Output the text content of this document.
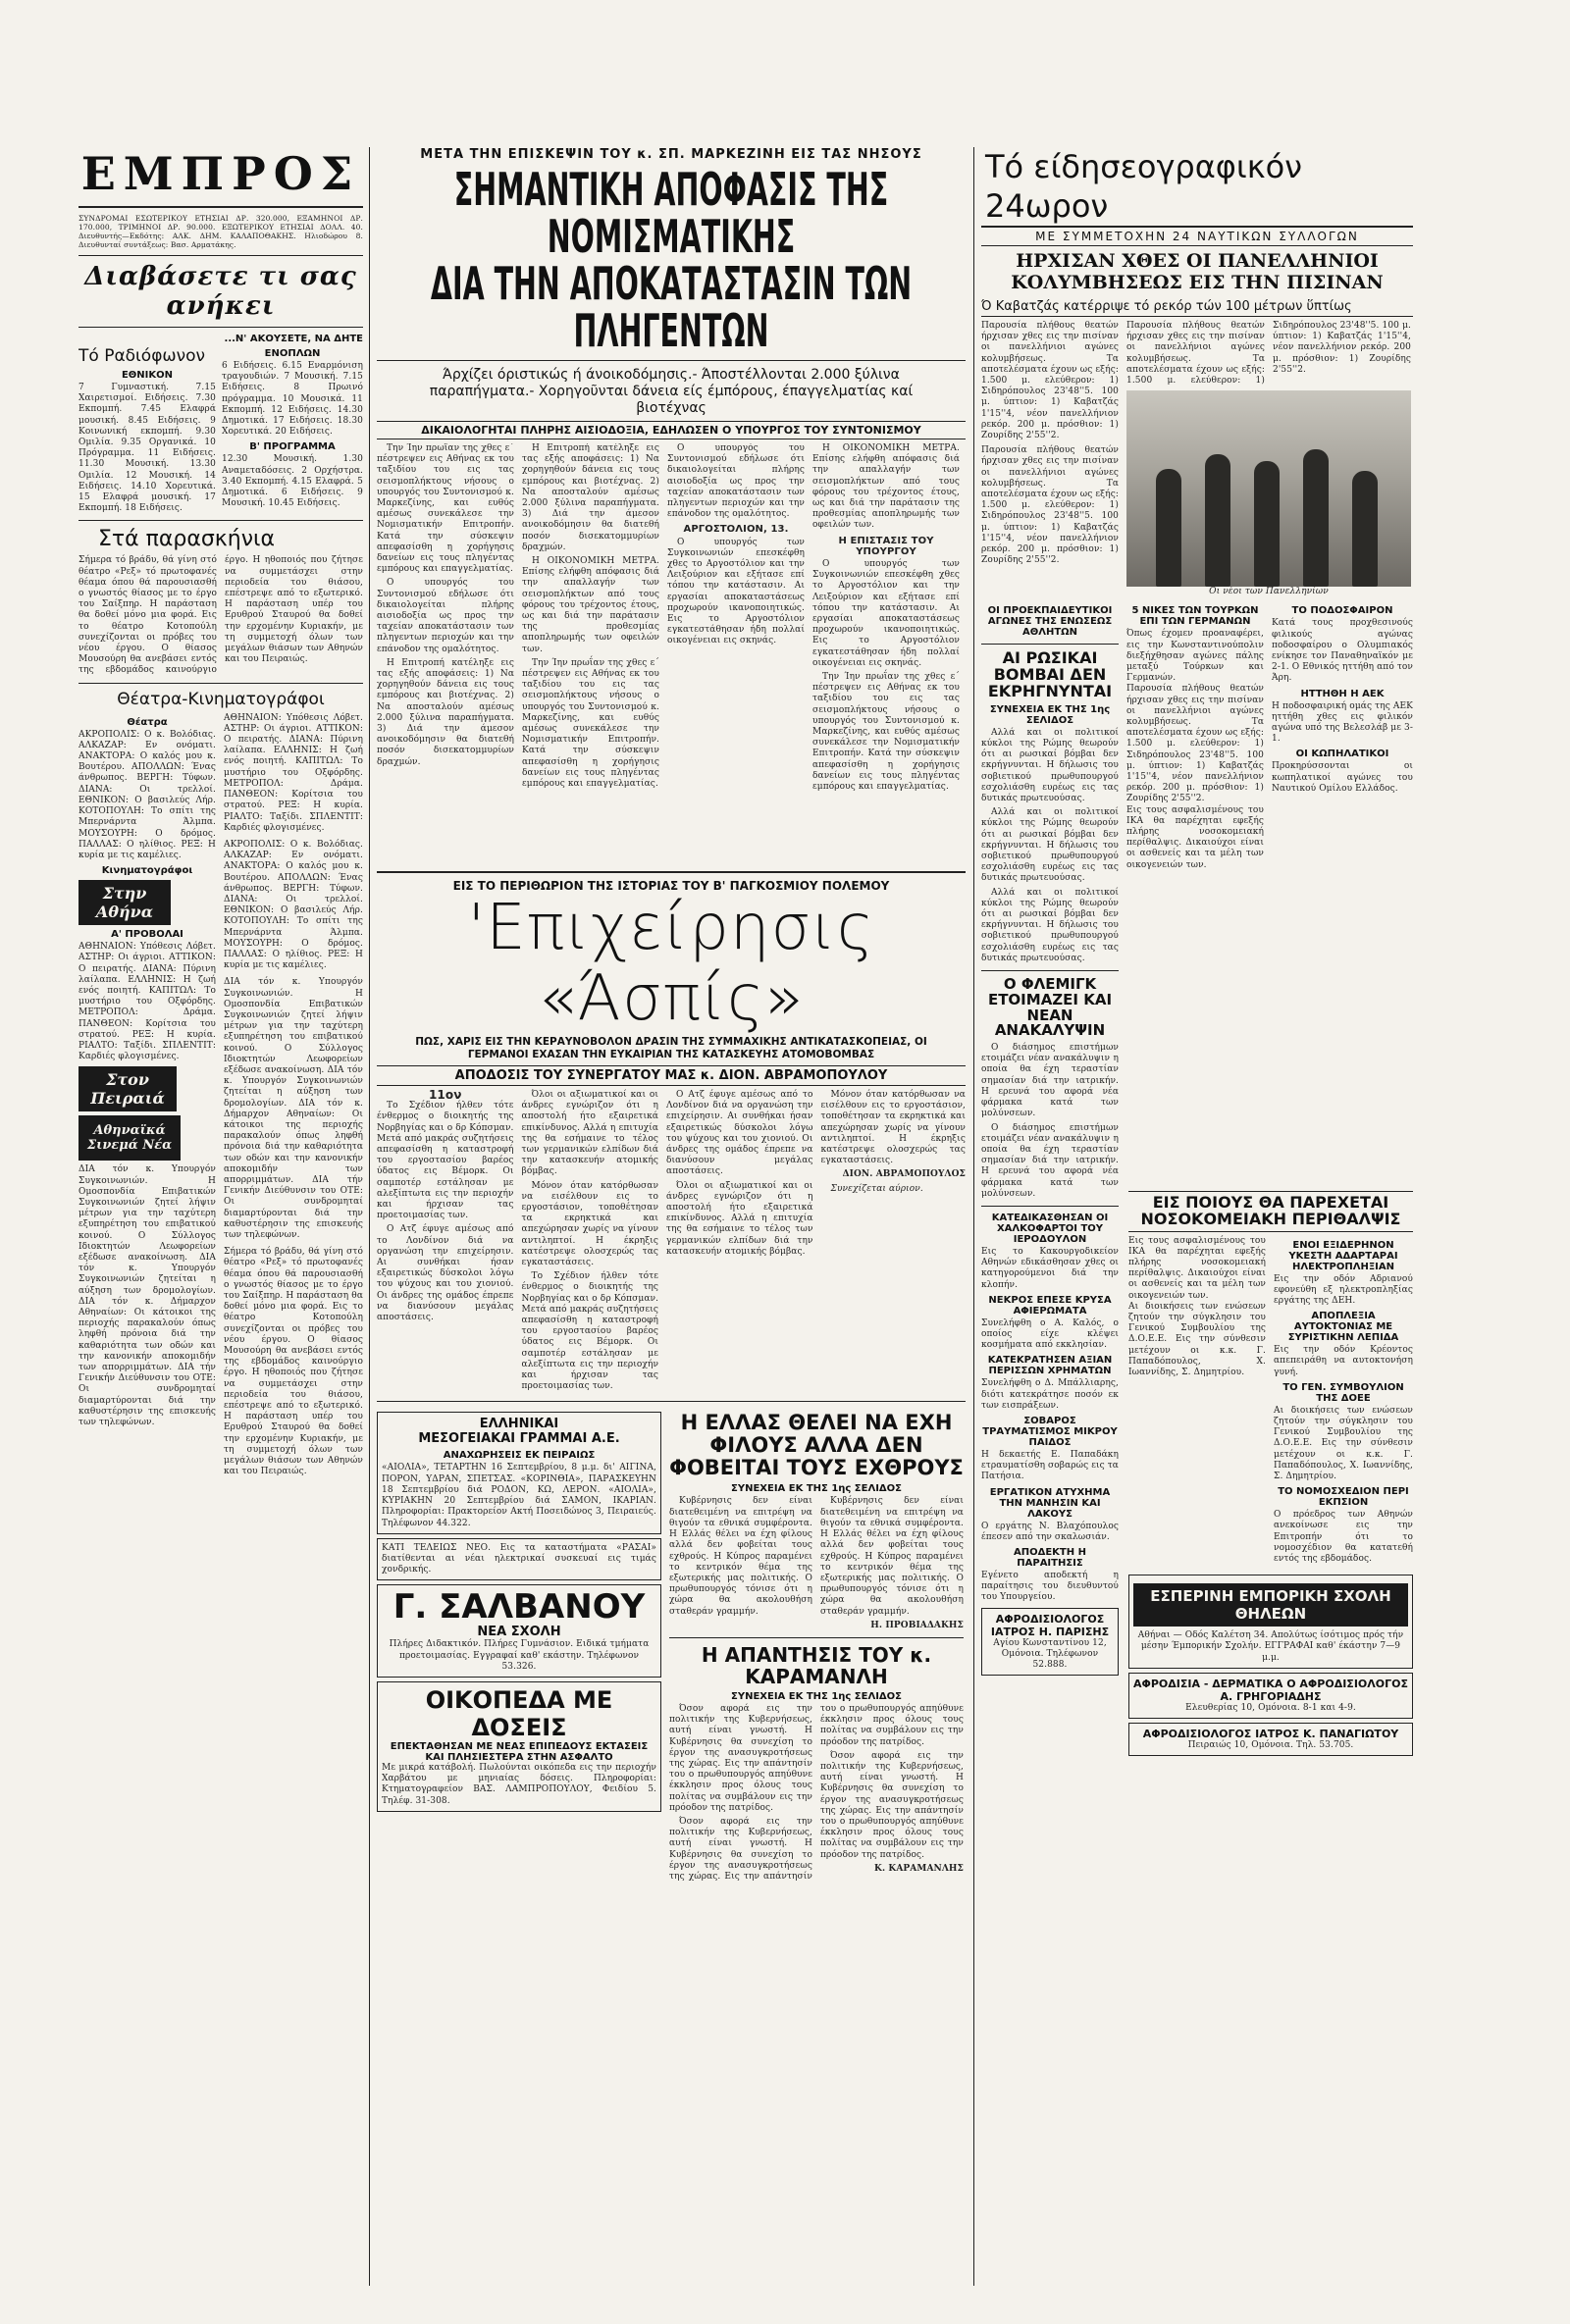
ΕΜΠΡΟΣ
ΣΥΝΔΡΟΜΑΙ ΕΣΩΤΕΡΙΚΟΥ ΕΤΗΣΙΑΙ ΔΡ. 320.000, ΕΞΑΜΗΝΟΙ ΔΡ. 170.000, ΤΡΙΜΗΝΟΙ ΔΡ. 90.000. ΕΞΩΤΕΡΙΚΟΥ ΕΤΗΣΙΑΙ ΔΟΛΛ. 40. Διευθυντής—Εκδότης: ΑΛΚ. ΔΗΜ. ΚΑΛΑΠΟΘΑΚΗΣ. Ηλιοδώρου 8. Διευθυνταί συντάξεως: Βασ. Αρματάκης.
Διαβάσετε τι σας ανήκει
...Ν' ΑΚΟΥΣΕΤΕ, ΝΑ ΔΗΤΕ
Τό Ραδιόφωνον
ΕΘΝΙΚΟΝ
7 Γυμναστική. 7.15 Χαιρετισμοί. Ειδήσεις. 7.30 Εκπομπή. 7.45 Ελαφρά μουσική. 8.45 Ειδήσεις. 9 Κοινωνική εκπομπή. 9.30 Ομιλία. 9.35 Οργανικά. 10 Πρόγραμμα. 11 Ειδήσεις. 11.30 Μουσική. 13.30 Ομιλία. 12 Μουσική. 14 Ειδήσεις. 14.10 Χορευτικά. 15 Ελαφρά μουσική. 17 Εκπομπή. 18 Ειδήσεις.
ΕΝΟΠΛΩΝ
6 Ειδήσεις. 6.15 Εναρμόνιση τραγουδιών. 7 Μουσική. 7.15 Ειδήσεις. 8 Πρωινό πρόγραμμα. 10 Μουσικά. 11 Εκπομπή. 12 Ειδήσεις. 14.30 Δημοτικά. 17 Ειδήσεις. 18.30 Χορευτικά. 20 Ειδήσεις.
Β' ΠΡΟΓΡΑΜΜΑ
12.30 Μουσική. 1.30 Αναμεταδόσεις. 2 Ορχήστρα. 3.40 Εκπομπή. 4.15 Ελαφρά. 5 Δημοτικά. 6 Ειδήσεις. 9 Μουσική. 10.45 Ειδήσεις.
Στά παρασκήνια
Σήμερα τό βράδυ, θά γίνη στό θέατρο «Ρεξ» τό πρωτοφανές θέαμα όπου θά παρουσιασθή ο γνωστός θίασος με το έργο του Σαίξπηρ. Η παράσταση θα δοθεί μόνο μια φορά. Εις το θέατρο Κοτοπούλη συνεχίζονται οι πρόβες του νέου έργου. Ο θίασος Μουσούρη θα ανεβάσει εντός της εβδομάδος καινούργιο έργο. Η ηθοποιός που ζήτησε να συμμετάσχει στην περιοδεία του θιάσου, επέστρεψε από το εξωτερικό. Η παράσταση υπέρ του Ερυθρού Σταυρού θα δοθεί την ερχομένην Κυριακήν, με τη συμμετοχή όλων των μεγάλων θιάσων των Αθηνών και του Πειραιώς.
Θέατρα-Κινηματογράφοι
Θέατρα
ΑΚΡΟΠΟΛΙΣ: Ο κ. Βολόδιας. ΑΛΚΑΖΑΡ: Εν ονόματι. ΑΝΑΚΤΟΡΑ: Ο καλός μου κ. Βουτέρου. ΑΠΟΛΛΩΝ: Ένας άνθρωπος. ΒΕΡΓΗ: Τύφων. ΔΙΑΝΑ: Οι τρελλοί. ΕΘΝΙΚΟΝ: Ο βασιλεύς Λήρ. ΚΟΤΟΠΟΥΛΗ: Το σπίτι της Μπερνάρντα Άλμπα. ΜΟΥΣΟΥΡΗ: Ο δρόμος. ΠΑΛΛΑΣ: Ο ηλίθιος. ΡΕΞ: Η κυρία με τις καμέλιες.
Κινηματογράφοι
Στην Αθήνα
Α' ΠΡΟΒΟΛΑΙ
ΑΘΗΝΑΙΟΝ: Υπόθεσις Λόβετ. ΑΣΤΗΡ: Οι άγριοι. ΑΤΤΙΚΟΝ: Ο πειρατής. ΔΙΑΝΑ: Πύρινη λαίλαπα. ΕΛΛΗΝΙΣ: Η ζωή ενός ποιητή. ΚΑΠΙΤΩΛ: Το μυστήριο του Οξφόρδης. ΜΕΤΡΟΠΟΛ: Δράμα. ΠΑΝΘΕΟΝ: Κορίτσια του στρατού. ΡΕΞ: Η κυρία. ΡΙΑΛΤΟ: Ταξίδι. ΣΠΛΕΝΤΙΤ: Καρδιές φλογισμένες.
Στον Πειραιά
Αθηναϊκά Σινεμά Νέα
ΔΙΑ τόν κ. Υπουργόν Συγκοινωνιών. Η Ομοσπονδία Επιβατικών Συγκοινωνιών ζητεί λήψιν μέτρων για την ταχύτερη εξυπηρέτηση του επιβατικού κοινού. Ο Σύλλογος Ιδιοκτητών Λεωφορείων εξέδωσε ανακοίνωση. ΔΙΑ τόν κ. Υπουργόν Συγκοινωνιών ζητείται η αύξηση των δρομολογίων. ΔΙΑ τόν κ. Δήμαρχον Αθηναίων: Οι κάτοικοι της περιοχής παρακαλούν όπως ληφθή πρόνοια διά την καθαριότητα των οδών και την κανονικήν αποκομιδήν των απορριμμάτων. ΔΙΑ τήν Γενικήν Διεύθυνσιν του ΟΤΕ: Οι συνδρομηταί διαμαρτύρονται διά την καθυστέρησιν της επισκευής των τηλεφώνων.
ΑΘΗΝΑΙΟΝ: Υπόθεσις Λόβετ. ΑΣΤΗΡ: Οι άγριοι. ΑΤΤΙΚΟΝ: Ο πειρατής. ΔΙΑΝΑ: Πύρινη λαίλαπα. ΕΛΛΗΝΙΣ: Η ζωή ενός ποιητή. ΚΑΠΙΤΩΛ: Το μυστήριο του Οξφόρδης. ΜΕΤΡΟΠΟΛ: Δράμα. ΠΑΝΘΕΟΝ: Κορίτσια του στρατού. ΡΕΞ: Η κυρία. ΡΙΑΛΤΟ: Ταξίδι. ΣΠΛΕΝΤΙΤ: Καρδιές φλογισμένες.
ΑΚΡΟΠΟΛΙΣ: Ο κ. Βολόδιας. ΑΛΚΑΖΑΡ: Εν ονόματι. ΑΝΑΚΤΟΡΑ: Ο καλός μου κ. Βουτέρου. ΑΠΟΛΛΩΝ: Ένας άνθρωπος. ΒΕΡΓΗ: Τύφων. ΔΙΑΝΑ: Οι τρελλοί. ΕΘΝΙΚΟΝ: Ο βασιλεύς Λήρ. ΚΟΤΟΠΟΥΛΗ: Το σπίτι της Μπερνάρντα Άλμπα. ΜΟΥΣΟΥΡΗ: Ο δρόμος. ΠΑΛΛΑΣ: Ο ηλίθιος. ΡΕΞ: Η κυρία με τις καμέλιες.
ΔΙΑ τόν κ. Υπουργόν Συγκοινωνιών. Η Ομοσπονδία Επιβατικών Συγκοινωνιών ζητεί λήψιν μέτρων για την ταχύτερη εξυπηρέτηση του επιβατικού κοινού. Ο Σύλλογος Ιδιοκτητών Λεωφορείων εξέδωσε ανακοίνωση. ΔΙΑ τόν κ. Υπουργόν Συγκοινωνιών ζητείται η αύξηση των δρομολογίων. ΔΙΑ τόν κ. Δήμαρχον Αθηναίων: Οι κάτοικοι της περιοχής παρακαλούν όπως ληφθή πρόνοια διά την καθαριότητα των οδών και την κανονικήν αποκομιδήν των απορριμμάτων. ΔΙΑ τήν Γενικήν Διεύθυνσιν του ΟΤΕ: Οι συνδρομηταί διαμαρτύρονται διά την καθυστέρησιν της επισκευής των τηλεφώνων.
Σήμερα τό βράδυ, θά γίνη στό θέατρο «Ρεξ» τό πρωτοφανές θέαμα όπου θά παρουσιασθή ο γνωστός θίασος με το έργο του Σαίξπηρ. Η παράσταση θα δοθεί μόνο μια φορά. Εις το θέατρο Κοτοπούλη συνεχίζονται οι πρόβες του νέου έργου. Ο θίασος Μουσούρη θα ανεβάσει εντός της εβδομάδος καινούργιο έργο. Η ηθοποιός που ζήτησε να συμμετάσχει στην περιοδεία του θιάσου, επέστρεψε από το εξωτερικό. Η παράσταση υπέρ του Ερυθρού Σταυρού θα δοθεί την ερχομένην Κυριακήν, με τη συμμετοχή όλων των μεγάλων θιάσων των Αθηνών και του Πειραιώς.
ΜΕΤΑ ΤΗΝ ΕΠΙΣΚΕΨΙΝ ΤΟΥ κ. ΣΠ. ΜΑΡΚΕΖΙΝΗ ΕΙΣ ΤΑΣ ΝΗΣΟΥΣ
ΣΗΜΑΝΤΙΚΗ ΑΠΟΦΑΣΙΣ ΤΗΣ ΝΟΜΙΣΜΑΤΙΚΗΣ
ΔΙΑ ΤΗΝ ΑΠΟΚΑΤΑΣΤΑΣΙΝ ΤΩΝ ΠΛΗΓΕΝΤΩΝ
Άρχίζει όριστικώς ή άνοικοδόμησις.- Άποστέλλονται 2.000 ξύλινα παραπήγματα.- Χορηγοῦνται δάνεια είς έμπόρους, έπαγγελματίας καί βιοτέχνας
ΔΙΚΑΙΟΛΟΓΗΤΑΙ ΠΛΗΡΗΣ ΑΙΣΙΟΔΟΞΙΑ, ΕΔΗΛΩΣΕΝ Ο ΥΠΟΥΡΓΟΣ ΤΟΥ ΣΥΝΤΟΝΙΣΜΟΥ

Την Ίην πρωΐαν της χθες ε΄ πέστρεψεν εις Αθήνας εκ του ταξιδίου του εις τας σεισμοπλήκτους νήσους ο υπουργός του Συντονισμού κ. Μαρκεζίνης, και ευθύς αμέσως συνεκάλεσε την Νομισματικήν Επιτροπήν. Κατά την σύσκεψιν απεφασίσθη η χορήγησις δανείων εις τους πληγέντας εμπόρους και επαγγελματίας.

Ο υπουργός του Συντονισμού εδήλωσε ότι δικαιολογείται πλήρης αισιοδοξία ως προς την ταχείαν αποκατάστασιν των πληγεντων περιοχών και την επάνοδον της ομαλότητος.

Η Επιτροπή κατέληξε εις τας εξής αποφάσεις: 1) Να χορηγηθούν δάνεια εις τους εμπόρους και βιοτέχνας. 2) Να αποσταλούν αμέσως 2.000 ξύλινα παραπήγματα. 3) Διά την άμεσον ανοικοδόμησιν θα διατεθή ποσόν δισεκατομμυρίων δραχμών.

Η Επιτροπή κατέληξε εις τας εξής αποφάσεις: 1) Να χορηγηθούν δάνεια εις τους εμπόρους και βιοτέχνας. 2) Να αποσταλούν αμέσως 2.000 ξύλινα παραπήγματα. 3) Διά την άμεσον ανοικοδόμησιν θα διατεθή ποσόν δισεκατομμυρίων δραχμών.

Η ΟΙΚΟΝΟΜΙΚΗ ΜΕΤΡΑ. Επίσης ελήφθη απόφασις διά την απαλλαγήν των σεισμοπλήκτων από τους φόρους του τρέχοντος έτους, ως και διά την παράτασιν της προθεσμίας αποπληρωμής των οφειλών των.

Την Ίην πρωΐαν της χθες ε΄ πέστρεψεν εις Αθήνας εκ του ταξιδίου του εις τας σεισμοπλήκτους νήσους ο υπουργός του Συντονισμού κ. Μαρκεζίνης, και ευθύς αμέσως συνεκάλεσε την Νομισματικήν Επιτροπήν. Κατά την σύσκεψιν απεφασίσθη η χορήγησις δανείων εις τους πληγέντας εμπόρους και επαγγελματίας.

Ο υπουργός του Συντονισμού εδήλωσε ότι δικαιολογείται πλήρης αισιοδοξία ως προς την ταχείαν αποκατάστασιν των πληγεντων περιοχών και την επάνοδον της ομαλότητος.

ΑΡΓΟΣΤΟΛΙΟΝ, 13.

Ο υπουργός των Συγκοινωνιών επεσκέφθη χθες το Αργοστόλιον και την Λειξούριον και εξήτασε επί τόπου την κατάστασιν. Αι εργασίαι αποκαταστάσεως προχωρούν ικανοποιητικώς. Εις το Αργοστόλιον εγκατεστάθησαν ήδη πολλαί οικογένειαι εις σκηνάς.

Η ΟΙΚΟΝΟΜΙΚΗ ΜΕΤΡΑ. Επίσης ελήφθη απόφασις διά την απαλλαγήν των σεισμοπλήκτων από τους φόρους του τρέχοντος έτους, ως και διά την παράτασιν της προθεσμίας αποπληρωμής των οφειλών των.

Η ΕΠΙΣΤΑΣΙΣ ΤΟΥ ΥΠΟΥΡΓΟΥ

Ο υπουργός των Συγκοινωνιών επεσκέφθη χθες το Αργοστόλιον και την Λειξούριον και εξήτασε επί τόπου την κατάστασιν. Αι εργασίαι αποκαταστάσεως προχωρούν ικανοποιητικώς. Εις το Αργοστόλιον εγκατεστάθησαν ήδη πολλαί οικογένειαι εις σκηνάς.

Την Ίην πρωΐαν της χθες ε΄ πέστρεψεν εις Αθήνας εκ του ταξιδίου του εις τας σεισμοπλήκτους νήσους ο υπουργός του Συντονισμού κ. Μαρκεζίνης, και ευθύς αμέσως συνεκάλεσε την Νομισματικήν Επιτροπήν. Κατά την σύσκεψιν απεφασίσθη η χορήγησις δανείων εις τους πληγέντας εμπόρους και επαγγελματίας.

ΕΙΣ ΤΟ ΠΕΡΙΘΩΡΙΟΝ ΤΗΣ ΙΣΤΟΡΙΑΣ ΤΟΥ Β' ΠΑΓΚΟΣΜΙΟΥ ΠΟΛΕΜΟΥ
'Επιχείρησις «Άσπίς»
ΠΩΣ, ΧΑΡΙΣ ΕΙΣ ΤΗΝ ΚΕΡΑΥΝΟΒΟΛΟΝ ΔΡΑΣΙΝ ΤΗΣ ΣΥΜΜΑΧΙΚΗΣ ΑΝΤΙΚΑΤΑΣΚΟΠΕΙΑΣ, ΟΙ ΓΕΡΜΑΝΟΙ ΕΧΑΣΑΝ ΤΗΝ ΕΥΚΑΙΡΙΑΝ ΤΗΣ ΚΑΤΑΣΚΕΥΗΣ ΑΤΟΜΟΒΟΜΒΑΣ
ΑΠΟΔΟΣΙΣ ΤΟΥ ΣΥΝΕΡΓΑΤΟΥ ΜΑΣ κ. ΔΙΟΝ. ΑΒΡΑΜΟΠΟΥΛΟΥ
11ον

Το Σχέδιον ήλθεν τότε ένθερμος ο διοικητής της Νορβηγίας και ο δρ Κόπσμαν. Μετά από μακράς συζητήσεις απεφασίσθη η καταστροφή του εργοστασίου βαρέος ύδατος εις Βέμορκ. Οι σαμποτέρ εστάλησαν με αλεξίπτωτα εις την περιοχήν και ήρχισαν τας προετοιμασίας των.

Ο Ατζ έφυγε αμέσως από το Λονδίνον διά να οργανώση την επιχείρησιν. Αι συνθήκαι ήσαν εξαιρετικώς δύσκολοι λόγω του ψύχους και του χιονιού. Οι άνδρες της ομάδος έπρεπε να διανύσουν μεγάλας αποστάσεις.

Όλοι οι αξιωματικοί και οι άνδρες εγνώριζον ότι η αποστολή ήτο εξαιρετικά επικίνδυνος. Αλλά η επιτυχία της θα εσήμαινε το τέλος των γερμανικών ελπίδων διά την κατασκευήν ατομικής βόμβας.

Μόνον όταν κατόρθωσαν να εισέλθουν εις το εργοστάσιον, τοποθέτησαν τα εκρηκτικά και απεχώρησαν χωρίς να γίνουν αντιληπτοί. Η έκρηξις κατέστρεψε ολοσχερώς τας εγκαταστάσεις.

Το Σχέδιον ήλθεν τότε ένθερμος ο διοικητής της Νορβηγίας και ο δρ Κόπσμαν. Μετά από μακράς συζητήσεις απεφασίσθη η καταστροφή του εργοστασίου βαρέος ύδατος εις Βέμορκ. Οι σαμποτέρ εστάλησαν με αλεξίπτωτα εις την περιοχήν και ήρχισαν τας προετοιμασίας των.

Ο Ατζ έφυγε αμέσως από το Λονδίνον διά να οργανώση την επιχείρησιν. Αι συνθήκαι ήσαν εξαιρετικώς δύσκολοι λόγω του ψύχους και του χιονιού. Οι άνδρες της ομάδος έπρεπε να διανύσουν μεγάλας αποστάσεις.

Όλοι οι αξιωματικοί και οι άνδρες εγνώριζον ότι η αποστολή ήτο εξαιρετικά επικίνδυνος. Αλλά η επιτυχία της θα εσήμαινε το τέλος των γερμανικών ελπίδων διά την κατασκευήν ατομικής βόμβας.

Μόνον όταν κατόρθωσαν να εισέλθουν εις το εργοστάσιον, τοποθέτησαν τα εκρηκτικά και απεχώρησαν χωρίς να γίνουν αντιληπτοί. Η έκρηξις κατέστρεψε ολοσχερώς τας εγκαταστάσεις.

ΔΙΟΝ. ΑΒΡΑΜΟΠΟΥΛΟΣ

Συνεχίζεται αύριον.

ΕΛΛΗΝΙΚΑΙ
ΜΕΣΟΓΕΙΑΚΑΙ ΓΡΑΜΜΑΙ Α.Ε.
ΑΝΑΧΩΡΗΣΕΙΣ ΕΚ ΠΕΙΡΑΙΩΣ
«ΑΙΟΛΙΑ», ΤΕΤΑΡΤΗΝ 16 Σεπτεμβρίου, 8 μ.μ. δι' ΑΙΓΙΝΑ, ΠΟΡΟΝ, ΥΔΡΑΝ, ΣΠΕΤΣΑΣ. «ΚΟΡΙΝΘΙΑ», ΠΑΡΑΣΚΕΥΗΝ 18 Σεπτεμβρίου διά ΡΟΔΟΝ, ΚΩ, ΛΕΡΟΝ. «ΑΙΟΛΙΑ», ΚΥΡΙΑΚΗΝ 20 Σεπτεμβρίου διά ΣΑΜΟΝ, ΙΚΑΡΙΑΝ. Πληροφορίαι: Πρακτορείον Ακτή Ποσειδώνος 3, Πειραιεύς. Τηλέφωνον 44.322.
ΚΑΤΙ ΤΕΛΕΙΩΣ ΝΕΟ. Εις τα καταστήματα «ΡΑΣΑΙ» διατίθενται αι νέαι ηλεκτρικαί συσκευαί εις τιμάς χονδρικής.
Γ. ΣΑΛΒΑΝΟΥ
ΝΕΑ ΣΧΟΛΗ
Πλήρες Διδακτικόν. Πλήρες Γυμνάσιον. Ειδικά τμήματα προετοιμασίας. Εγγραφαί καθ' εκάστην. Τηλέφωνον 53.326.
ΟΙΚΟΠΕΔΑ ΜΕ ΔΟΣΕΙΣ
ΕΠΕΚΤΑΘΗΣΑΝ ΜΕ ΝΕΑΣ ΕΠΙΠΕΔΟΥΣ ΕΚΤΑΣΕΙΣ ΚΑΙ ΠΛΗΣΙΕΣΤΕΡΑ ΣΤΗΝ ΑΣΦΑΛΤΟ
Με μικρά κατάβολή. Πωλούνται οικόπεδα εις την περιοχήν Χαρβάτου με μηνιαίας δόσεις. Πληροφορίαι: Κτηματογραφείον ΒΑΣ. ΛΑΜΠΡΟΠΟΥΛΟΥ, Φειδίου 5. Τηλέφ. 31-308.
Η ΕΛΛΑΣ ΘΕΛΕΙ ΝΑ ΕΧΗ ΦΙΛΟΥΣ ΑΛΛΑ ΔΕΝ ΦΟΒΕΙΤΑΙ ΤΟΥΣ ΕΧΘΡΟΥΣ
ΣΥΝΕΧΕΙΑ ΕΚ ΤΗΣ 1ης ΣΕΛΙΔΟΣ

Κυβέρνησις δεν είναι διατεθειμένη να επιτρέψη να θιγούν τα εθνικά συμφέροντα. Η Ελλάς θέλει να έχη φίλους αλλά δεν φοβείται τους εχθρούς. Η Κύπρος παραμένει το κεντρικόν θέμα της εξωτερικής μας πολιτικής. Ο πρωθυπουργός τόνισε ότι η χώρα θα ακολουθήση σταθεράν γραμμήν.

Κυβέρνησις δεν είναι διατεθειμένη να επιτρέψη να θιγούν τα εθνικά συμφέροντα. Η Ελλάς θέλει να έχη φίλους αλλά δεν φοβείται τους εχθρούς. Η Κύπρος παραμένει το κεντρικόν θέμα της εξωτερικής μας πολιτικής. Ο πρωθυπουργός τόνισε ότι η χώρα θα ακολουθήση σταθεράν γραμμήν.

Η. ΠΡΟΒΙΑΔΑΚΗΣ

Η ΑΠΑΝΤΗΣΙΣ ΤΟΥ κ. ΚΑΡΑΜΑΝΛΗ
ΣΥΝΕΧΕΙΑ ΕΚ ΤΗΣ 1ης ΣΕΛΙΔΟΣ

Όσον αφορά εις την πολιτικήν της Κυβερνήσεως, αυτή είναι γνωστή. Η Κυβέρνησις θα συνεχίση το έργον της ανασυγκροτήσεως της χώρας. Εις την απάντησίν του ο πρωθυπουργός απηύθυνε έκκλησιν προς όλους τους πολίτας να συμβάλουν εις την πρόοδον της πατρίδος.

Όσον αφορά εις την πολιτικήν της Κυβερνήσεως, αυτή είναι γνωστή. Η Κυβέρνησις θα συνεχίση το έργον της ανασυγκροτήσεως της χώρας. Εις την απάντησίν του ο πρωθυπουργός απηύθυνε έκκλησιν προς όλους τους πολίτας να συμβάλουν εις την πρόοδον της πατρίδος.

Όσον αφορά εις την πολιτικήν της Κυβερνήσεως, αυτή είναι γνωστή. Η Κυβέρνησις θα συνεχίση το έργον της ανασυγκροτήσεως της χώρας. Εις την απάντησίν του ο πρωθυπουργός απηύθυνε έκκλησιν προς όλους τους πολίτας να συμβάλουν εις την πρόοδον της πατρίδος.

Κ. ΚΑΡΑΜΑΝΛΗΣ

Τό είδησεογραφικόν 24ωρον
ΜΕ ΣΥΜΜΕΤΟΧΗΝ 24 ΝΑΥΤΙΚΩΝ ΣΥΛΛΟΓΩΝ
ΗΡΧΙΣΑΝ ΧΘΕΣ ΟΙ ΠΑΝΕΛΛΗΝΙΟΙ ΚΟΛΥΜΒΗΣΕΩΣ ΕΙΣ ΤΗΝ ΠΙΣΙΝΑΝ
Ό Καβατζάς κατέρριψε τό ρεκόρ τών 100 μέτρων ὕπτίως
Παρουσία πλήθους θεατών ήρχισαν χθες εις την πισίναν οι πανελλήνιοι αγώνες κολυμβήσεως. Τα αποτελέσματα έχουν ως εξής: 1.500 μ. ελεύθερον: 1) Σιδηρόπουλος 23'48''5. 100 μ. ύπτιον: 1) Καβατζάς 1'15''4, νέον πανελλήνιον ρεκόρ. 200 μ. πρόσθιον: 1) Ζουρίδης 2'55''2.
Παρουσία πλήθους θεατών ήρχισαν χθες εις την πισίναν οι πανελλήνιοι αγώνες κολυμβήσεως. Τα αποτελέσματα έχουν ως εξής: 1.500 μ. ελεύθερον: 1) Σιδηρόπουλος 23'48''5. 100 μ. ύπτιον: 1) Καβατζάς 1'15''4, νέον πανελλήνιον ρεκόρ. 200 μ. πρόσθιον: 1) Ζουρίδης 2'55''2.
Παρουσία πλήθους θεατών ήρχισαν χθες εις την πισίναν οι πανελλήνιοι αγώνες κολυμβήσεως. Τα αποτελέσματα έχουν ως εξής: 1.500 μ. ελεύθερον: 1) Σιδηρόπουλος 23'48''5. 100 μ. ύπτιον: 1) Καβατζάς 1'15''4, νέον πανελλήνιον ρεκόρ. 200 μ. πρόσθιον: 1) Ζουρίδης 2'55''2.
Οι νέοι των Πανελληνίων
ΟΙ ΠΡΟΕΚΠΑΙΔΕΥΤΙΚΟΙ ΑΓΩΝΕΣ ΤΗΣ ΕΝΩΣΕΩΣ ΑΘΛΗΤΩΝ
ΑΙ ΡΩΣΙΚΑΙ ΒΟΜΒΑΙ ΔΕΝ ΕΚΡΗΓΝΥΝΤΑΙ
ΣΥΝΕΧΕΙΑ ΕΚ ΤΗΣ 1ης ΣΕΛΙΔΟΣ

Αλλά και οι πολιτικοί κύκλοι της Ρώμης θεωρούν ότι αι ρωσικαί βόμβαι δεν εκρήγνυνται. Η δήλωσις του σοβιετικού πρωθυπουργού εσχολιάσθη ευρέως εις τας δυτικάς πρωτευούσας.

Αλλά και οι πολιτικοί κύκλοι της Ρώμης θεωρούν ότι αι ρωσικαί βόμβαι δεν εκρήγνυνται. Η δήλωσις του σοβιετικού πρωθυπουργού εσχολιάσθη ευρέως εις τας δυτικάς πρωτευούσας.

Αλλά και οι πολιτικοί κύκλοι της Ρώμης θεωρούν ότι αι ρωσικαί βόμβαι δεν εκρήγνυνται. Η δήλωσις του σοβιετικού πρωθυπουργού εσχολιάσθη ευρέως εις τας δυτικάς πρωτευούσας.

Ο ΦΛΕΜΙΓΚ ΕΤΟΙΜΑΖΕΙ ΚΑΙ ΝΕΑΝ ΑΝΑΚΑΛΥΨΙΝ

Ο διάσημος επιστήμων ετοιμάζει νέαν ανακάλυψιν η οποία θα έχη τεραστίαν σημασίαν διά την ιατρικήν. Η ερευνά του αφορά νέα φάρμακα κατά των μολύνσεων.

Ο διάσημος επιστήμων ετοιμάζει νέαν ανακάλυψιν η οποία θα έχη τεραστίαν σημασίαν διά την ιατρικήν. Η ερευνά του αφορά νέα φάρμακα κατά των μολύνσεων.

ΚΑΤΕΔΙΚΑΣΘΗΣΑΝ ΟΙ ΧΑΛΚΟΦΑΡΤΟΙ ΤΟΥ ΙΕΡΟΔΟΥΛΟΝ
Εις το Κακουργοδικείον Αθηνών εδικάσθησαν χθες οι κατηγορούμενοι διά την κλοπήν.
ΝΕΚΡΟΣ ΕΠΕΣΕ ΚΡΥΣΑ ΑΦΙΕΡΩΜΑΤΑ
Συνελήφθη ο Α. Καλός, ο οποίος είχε κλέψει κοσμήματα από εκκλησίαν.
ΚΑΤΕΚΡΑΤΗΣΕΝ ΑΞΙΑΝ ΠΕΡΙΣΣΩΝ ΧΡΗΜΑΤΩΝ
Συνελήφθη ο Δ. Μπάλλιαρης, διότι κατεκράτησε ποσόν εκ των εισπράξεων.
ΣΟΒΑΡΟΣ ΤΡΑΥΜΑΤΙΣΜΟΣ ΜΙΚΡΟΥ ΠΑΙΔΟΣ
Η δεκαετής Ε. Παπαδάκη ετραυματίσθη σοβαρώς εις τα Πατήσια.
ΕΡΓΑΤΙΚΟΝ ΑΤΥΧΗΜΑ ΤΗΝ ΜΑΝΗΣΙΝ ΚΑΙ ΛΑΚΟΥΣ
Ο εργάτης Ν. Βλαχόπουλος έπεσεν από την σκαλωσιάν.
ΑΠΟΔΕΚΤΗ Η ΠΑΡΑΙΤΗΣΙΣ
Εγένετο αποδεκτή η παραίτησις του διευθυντού του Υπουργείου.
ΑΦΡΟΔΙΣΙΟΛΟΓΟΣ ΙΑΤΡΟΣ Η. ΠΑΡΙΣΗΣ
Αγίου Κωνσταντίνου 12, Ομόνοια. Τηλέφωνον 52.888.
5 ΝΙΚΕΣ ΤΩΝ ΤΟΥΡΚΩΝ ΕΠΙ ΤΩΝ ΓΕΡΜΑΝΩΝ
Όπως έχομεν προαναφέρει, εις την Κωνσταντινούπολιν διεξήχθησαν αγώνες πάλης μεταξύ Τούρκων και Γερμανών.
Παρουσία πλήθους θεατών ήρχισαν χθες εις την πισίναν οι πανελλήνιοι αγώνες κολυμβήσεως. Τα αποτελέσματα έχουν ως εξής: 1.500 μ. ελεύθερον: 1) Σιδηρόπουλος 23'48''5. 100 μ. ύπτιον: 1) Καβατζάς 1'15''4, νέον πανελλήνιον ρεκόρ. 200 μ. πρόσθιον: 1) Ζουρίδης 2'55''2.
Εις τους ασφαλισμένους του ΙΚΑ θα παρέχηται εφεξής πλήρης νοσοκομειακή περίθαλψις. Δικαιούχοι είναι οι ασθενείς και τα μέλη των οικογενειών των.
ΤΟ ΠΟΔΟΣΦΑΙΡΟΝ
Κατά τους προχθεσινούς φιλικούς αγώνας ποδοσφαίρου ο Ολυμπιακός ενίκησε τον Παναθηναϊκόν με 2-1. Ο Εθνικός ηττήθη από τον Άρη.
ΗΤΤΗΘΗ Η ΑΕΚ
Η ποδοσφαιρική ομάς της ΑΕΚ ηττήθη χθες εις φιλικόν αγώνα υπό της Βελεσλάβ με 3-1.
ΟΙ ΚΩΠΗΛΑΤΙΚΟΙ
Προκηρύσσονται οι κωπηλατικοί αγώνες του Ναυτικού Ομίλου Ελλάδος.
ΕΙΣ ΠΟΙΟΥΣ ΘΑ ΠΑΡΕΧΕΤΑΙ ΝΟΣΟΚΟΜΕΙΑΚΗ ΠΕΡΙΘΑΛΨΙΣ
Εις τους ασφαλισμένους του ΙΚΑ θα παρέχηται εφεξής πλήρης νοσοκομειακή περίθαλψις. Δικαιούχοι είναι οι ασθενείς και τα μέλη των οικογενειών των.
Αι διοικήσεις των ενώσεων ζητούν την σύγκλησιν του Γενικού Συμβουλίου της Δ.Ο.Ε.Ε. Εις την σύνθεσιν μετέχουν οι κ.κ. Γ. Παπαδόπουλος, Χ. Ιωαννίδης, Σ. Δημητρίου.
ΕΝΟΙ ΕΞΙΔΕΡΗΝΟΝ ΥΚΕΣΤΗ ΑΔΑΡΤΑΡΑΙ ΗΛΕΚΤΡΟΠΛΗΞΙΑΝ
Εις την οδόν Αδριανού εφονεύθη εξ ηλεκτροπληξίας εργάτης της ΔΕΗ.
ΑΠΟΠΛΕΞΙΑ ΑΥΤΟΚΤΟΝΙΑΣ ΜΕ ΣΥΡΙΣΤΙΚΗΝ ΛΕΠΙΔΑ
Εις την οδόν Κρέοντος απεπειράθη να αυτοκτονήση γυνή.
ΤΟ ΓΕΝ. ΣΥΜΒΟΥΛΙΟΝ ΤΗΣ ΔΟΕΕ
Αι διοικήσεις των ενώσεων ζητούν την σύγκλησιν του Γενικού Συμβουλίου της Δ.Ο.Ε.Ε. Εις την σύνθεσιν μετέχουν οι κ.κ. Γ. Παπαδόπουλος, Χ. Ιωαννίδης, Σ. Δημητρίου.
ΤΟ ΝΟΜΟΣΧΕΔΙΟΝ ΠΕΡΙ ΕΚΠΣΙΟΝ
Ο πρόεδρος των Αθηνών ανεκοίνωσε εις την Επιτροπήν ότι το νομοσχέδιον θα κατατεθή εντός της εβδομάδος.
ΕΣΠΕΡΙΝΗ ΕΜΠΟΡΙΚΗ ΣΧΟΛΗ ΘΗΛΕΩΝ
Αθήναι — Οδός Καλέτση 34. Απολύτως ίσότιμος πρός τήν μέσην Έμπορικήν Σχολήν. ΕΓΓΡΑΦΑΙ καθ' έκάστην 7—9 μ.μ.
ΑΦΡΟΔΙΣΙΑ - ΔΕΡΜΑΤΙΚΑ Ο ΑΦΡΟΔΙΣΙΟΛΟΓΟΣ Α. ΓΡΗΓΟΡΙΑΔΗΣ
Ελευθερίας 10, Ομόνοια. 8-1 και 4-9.
ΑΦΡΟΔΙΣΙΟΛΟΓΟΣ ΙΑΤΡΟΣ Κ. ΠΑΝΑΓΙΩΤΟΥ
Πειραιώς 10, Ομόνοια. Τηλ. 53.705.
